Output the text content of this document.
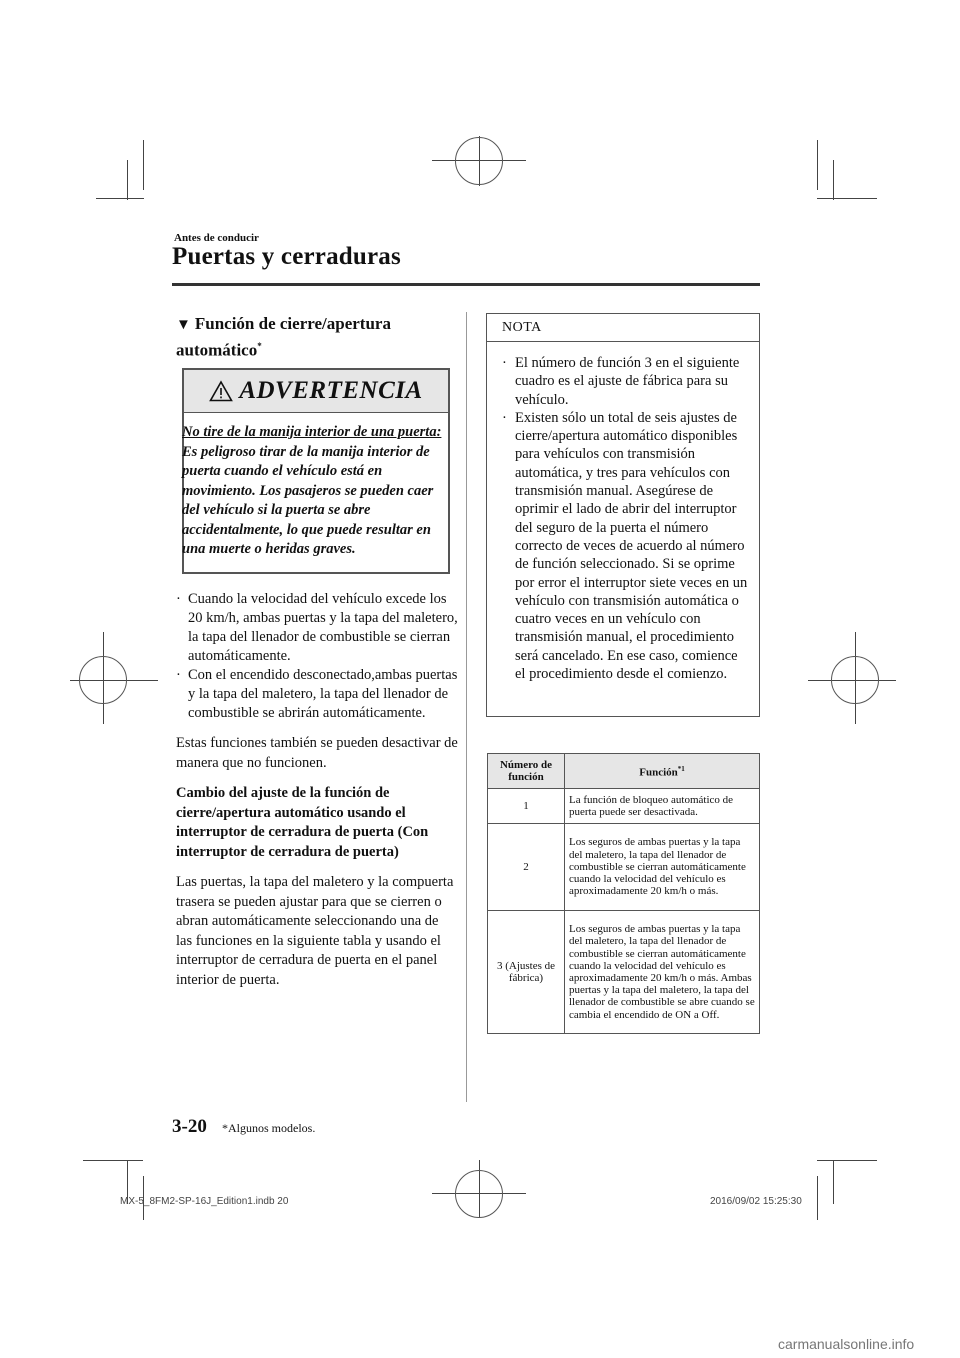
Antes de conducir
Puertas y cerraduras
▼ Función de cierre/apertura automático*
ADVERTENCIA
No tire de la manija interior de una puerta:
Es peligroso tirar de la manija interior de puerta cuando el vehículo está en movimiento. Los pasajeros se pueden caer del vehículo si la puerta se abre accidentalmente, lo que puede resultar en una muerte o heridas graves.
· Cuando la velocidad del vehículo excede los 20 km/h, ambas puertas y la tapa del maletero, la tapa del llenador de combustible se cierran automáticamente.
· Con el encendido desconectado,ambas puertas y la tapa del maletero, la tapa del llenador de combustible se abrirán automáticamente.
Estas funciones también se pueden desactivar de manera que no funcionen.
Cambio del ajuste de la función de cierre/apertura automático usando el interruptor de cerradura de puerta (Con interruptor de cerradura de puerta)
Las puertas, la tapa del maletero y la compuerta trasera se pueden ajustar para que se cierren o abran automáticamente seleccionando una de las funciones en la siguiente tabla y usando el interruptor de cerradura de puerta en el panel interior de puerta.
NOTA
· El número de función 3 en el siguiente cuadro es el ajuste de fábrica para su vehículo.
· Existen sólo un total de seis ajustes de cierre/apertura automático disponibles para vehículos con transmisión automática, y tres para vehículos con transmisión manual. Asegúrese de oprimir el lado de abrir del interruptor del seguro de la puerta el número correcto de veces de acuerdo al número de función seleccionado. Si se oprime por error el interruptor siete veces en un vehículo con transmisión automática o cuatro veces en un vehículo con transmisión manual, el procedimiento será cancelado. En ese caso, comience el procedimiento desde el comienzo.
Número de función	Función$^{*1}$
1	La función de bloqueo automático de puerta puede ser desactivada.
2	Los seguros de ambas puertas y la tapa del maletero, la tapa del llenador de combustible se cierran automáticamente cuando la velocidad del vehículo es aproximadamente 20 km/h o más.
3 (Ajustes de fábrica)	Los seguros de ambas puertas y la tapa del maletero, la tapa del llenador de combustible se cierran automáticamente cuando la velocidad del vehículo es aproximadamente 20 km/h o más. Ambas puertas y la tapa del maletero, la tapa del llenador de combustible se abre cuando se cambia el encendido de ON a Off.
3-20 *Algunos modelos.
MX-5_8FM2-SP-16J_Edition1.indb 20	2016/09/02 15:25:30
carmanualsonline.info
